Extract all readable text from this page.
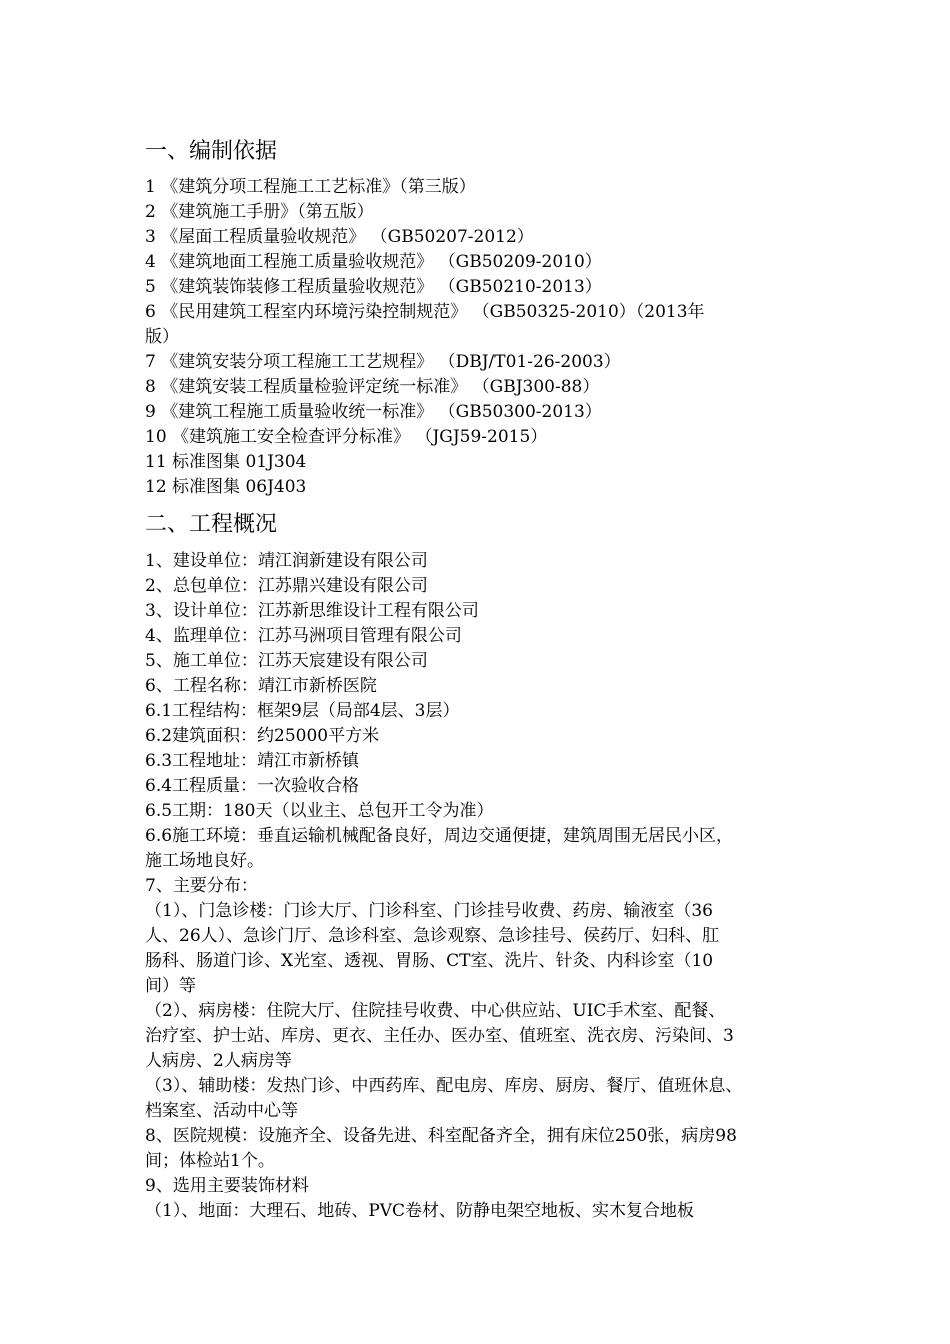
一、编制依据
1 《建筑分项工程施工工艺标准》（第三版）
2 《建筑施工手册》（第五版）
3 《屋面工程质量验收规范》 （GB50207-2012）
4 《建筑地面工程施工质量验收规范》 （GB50209-2010）
5 《建筑装饰装修工程质量验收规范》 （GB50210-2013）
6 《民用建筑工程室内环境污染控制规范》 （GB50325-2010）（2013年
版）
7 《建筑安装分项工程施工工艺规程》 （DBJ/T01-26-2003）
8 《建筑安装工程质量检验评定统一标准》 （GBJ300-88）
9 《建筑工程施工质量验收统一标准》 （GB50300-2013）
10 《建筑施工安全检查评分标准》 （JGJ59-2015）
11 标准图集 01J304
12 标准图集 06J403
二、工程概况
1、建设单位：靖江润新建设有限公司
2、总包单位：江苏鼎兴建设有限公司
3、设计单位：江苏新思维设计工程有限公司
4、监理单位：江苏马洲项目管理有限公司
5、施工单位：江苏天宸建设有限公司
6、工程名称：靖江市新桥医院
6.1工程结构：框架9层（局部4层、3层）
6.2建筑面积：约25000平方米
6.3工程地址：靖江市新桥镇
6.4工程质量：一次验收合格
6.5工期：180天（以业主、总包开工令为准）
6.6施工环境：垂直运输机械配备良好，周边交通便捷，建筑周围无居民小区，
施工场地良好。
7、主要分布：
（1）、门急诊楼：门诊大厅、门诊科室、门诊挂号收费、药房、输液室（36
人、26人）、急诊门厅、急诊科室、急诊观察、急诊挂号、侯药厅、妇科、肛
肠科、肠道门诊、X光室、透视、胃肠、CT室、洗片、针灸、内科诊室（10
间）等
（2）、病房楼：住院大厅、住院挂号收费、中心供应站、UIC手术室、配餐、
治疗室、护士站、库房、更衣、主任办、医办室、值班室、洗衣房、污染间、3
人病房、2人病房等
（3）、辅助楼：发热门诊、中西药库、配电房、库房、厨房、餐厅、值班休息、
档案室、活动中心等
8、医院规模：设施齐全、设备先进、科室配备齐全，拥有床位250张，病房98
间；体检站1个。
9、选用主要装饰材料
（1）、地面：大理石、地砖、PVC卷材、防静电架空地板、实木复合地板
